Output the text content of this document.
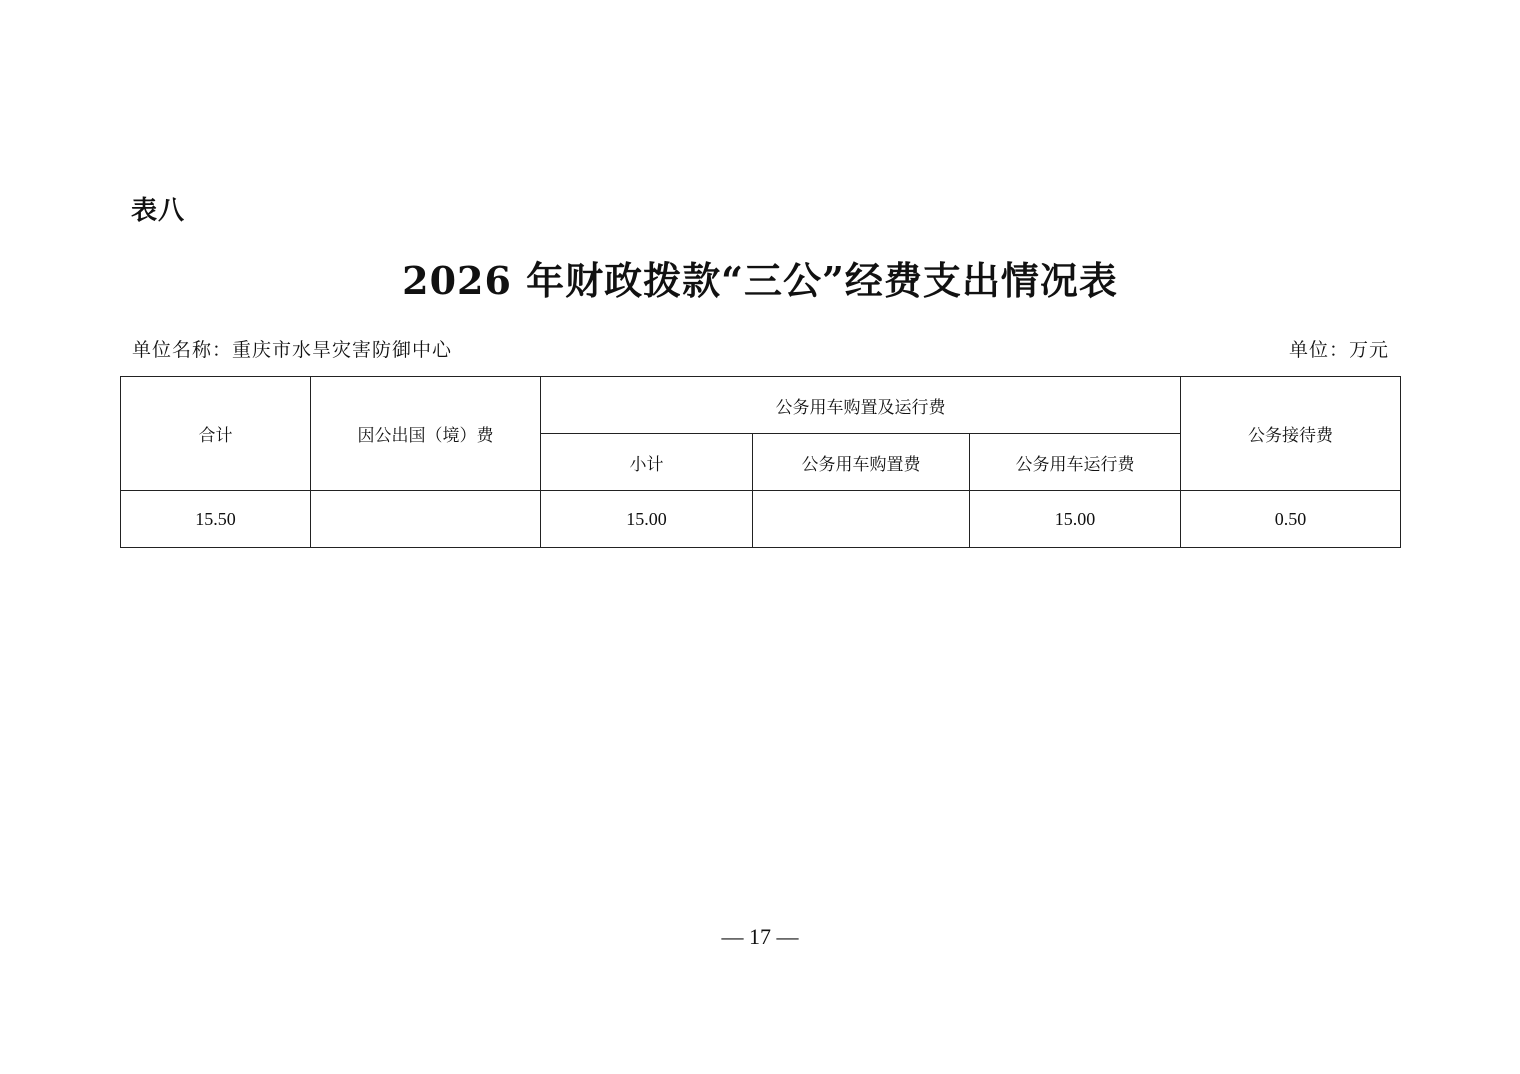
表八
2026 年财政拨款“三公”经费支出情况表
单位名称：重庆市水旱灾害防御中心	单位：万元
合计	因公出国（境）费	公务用车购置及运行费			公务接待费
		小计	公务用车购置费	公务用车运行费	
15.50		15.00		15.00	0.50
— 17 —
